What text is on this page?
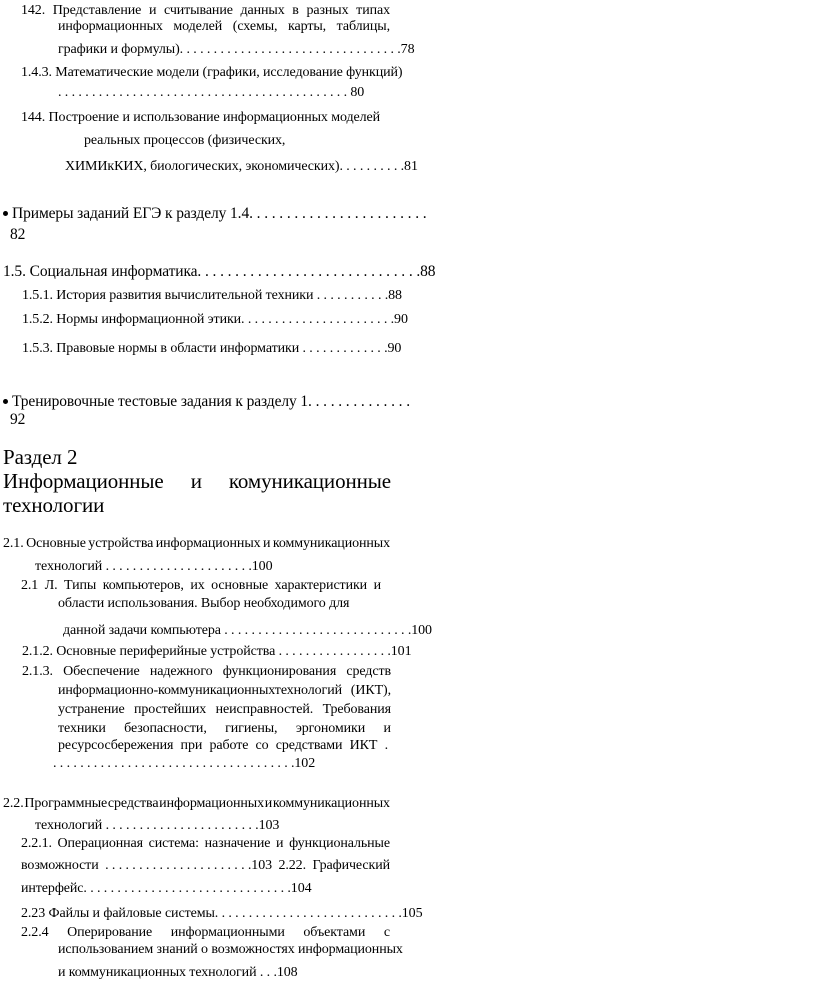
142. Представление и считывание данных в разных типах
информационных моделей (схемы, карты, таблицы,
графики и формулы). . . . . . . . . . . . . . . . . . . . . . . . . . . . . . . . .78
1.4.3. Математические модели (графики, исследование функций)
. . . . . . . . . . . . . . . . . . . . . . . . . . . . . . . . . . . . . . . . . . . 80
144. Построение и использование информационных моделей
реальных процессов (физических,
ХИМИкКИХ, биологических, экономических). . . . . . . . . .81
Примеры заданий ЕГЭ к разделу 1.4. . . . . . . . . . . . . . . . . . . . . . . .
82
1.5. Социальная информатика. . . . . . . . . . . . . . . . . . . . . . . . . . . . . .88
1.5.1. История развития вычислительной техники . . . . . . . . . . .88
1.5.2. Нормы информационной этики. . . . . . . . . . . . . . . . . . . . . . .90
1.5.3. Правовые нормы в области информатики . . . . . . . . . . . . .90
Тренировочные тестовые задания к разделу 1. . . . . . . . . . . . . .
92
Раздел 2
Информационные и комуникационные
технологии
2.1. Основные устройства информационных и коммуникационных
технологий . . . . . . . . . . . . . . . . . . . . . .100
2.1 Л. Типы компьютеров, их основные характеристики и
области использования. Выбор необходимого для
данной задачи компьютера . . . . . . . . . . . . . . . . . . . . . . . . . . . .100
2.1.2. Основные периферийные устройства . . . . . . . . . . . . . . . . .101
2.1.3. Обеспечение надежного функционирования средств
информационно-коммуникационныхтехнологий (ИКТ),
устранение простейших неисправностей. Требования
техники безопасности, гигиены, эргономики и
ресурсосбережения при работе со средствами ИКТ .
. . . . . . . . . . . . . . . . . . . . . . . . . . . . . . . . . . . .102
2.2. Программные средства информационных и коммуникационных
технологий . . . . . . . . . . . . . . . . . . . . . . .103
2.2.1. Операционная система: назначение и функциональные
возможности . . . . . . . . . . . . . . . . . . . . . .103 2.22. Графический
интерфейс. . . . . . . . . . . . . . . . . . . . . . . . . . . . . . .104
2.23 Файлы и файловые системы. . . . . . . . . . . . . . . . . . . . . . . . . . . .105
2.2.4 Оперирование информационными объектами с
использованием знаний о возможностях информационных
и коммуникационных технологий . . .108
